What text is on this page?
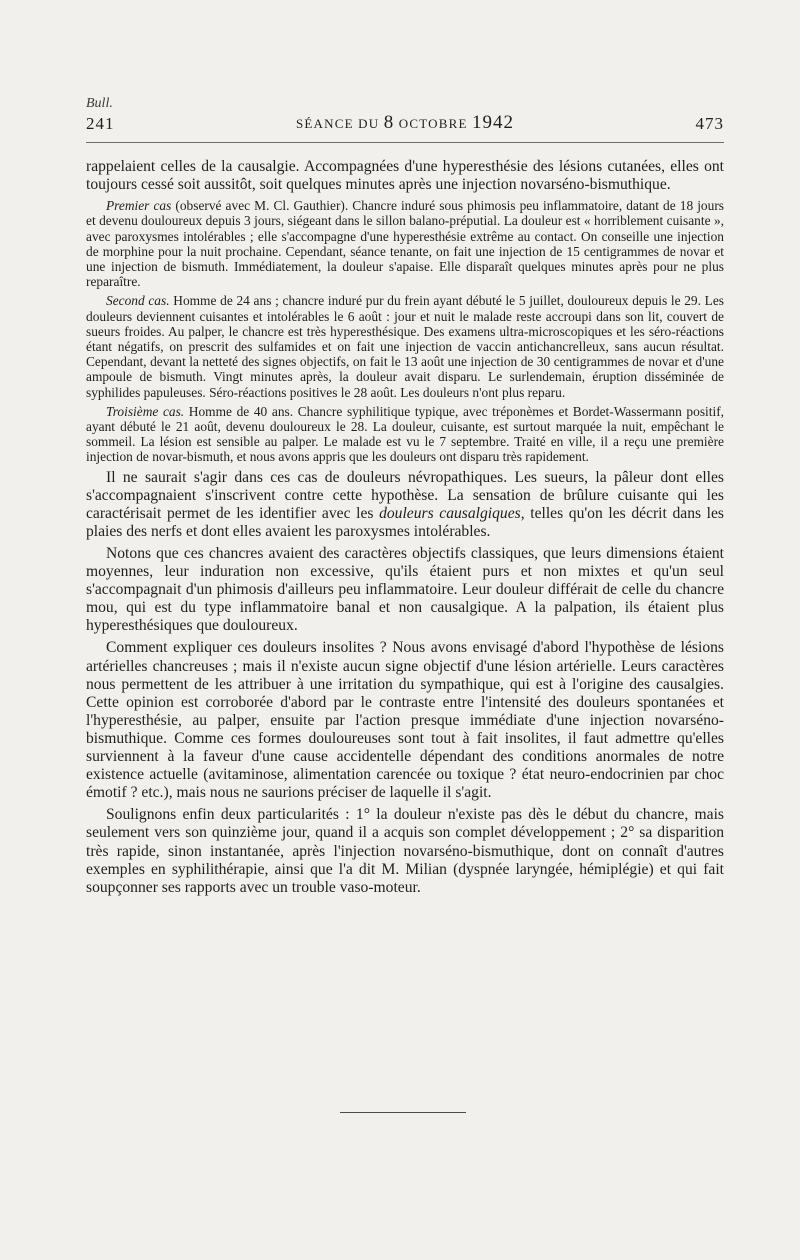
Bull.
241	SÉANCE DU 8 OCTOBRE 1942	473

rappelaient celles de la causalgie. Accompagnées d'une hyperesthésie des lésions cutanées, elles ont toujours cessé soit aussitôt, soit quelques minutes après une injection novarséno-bismuthique.

Premier cas (observé avec M. Cl. Gauthier). Chancre induré sous phimosis peu inflammatoire, datant de 18 jours et devenu douloureux depuis 3 jours, siégeant dans le sillon balano-préputial. La douleur est « horriblement cuisante », avec paroxysmes intolérables ; elle s'accompagne d'une hyperesthésie extrême au contact. On conseille une injection de morphine pour la nuit prochaine. Cependant, séance tenante, on fait une injection de 15 centigrammes de novar et une injection de bismuth. Immédiatement, la douleur s'apaise. Elle disparaît quelques minutes après pour ne plus reparaître.

Second cas. Homme de 24 ans ; chancre induré pur du frein ayant débuté le 5 juillet, douloureux depuis le 29. Les douleurs deviennent cuisantes et intolérables le 6 août : jour et nuit le malade reste accroupi dans son lit, couvert de sueurs froides. Au palper, le chancre est très hyperesthésique. Des examens ultra-microscopiques et les séro-réactions étant négatifs, on prescrit des sulfamides et on fait une injection de vaccin antichancrelleux, sans aucun résultat. Cependant, devant la netteté des signes objectifs, on fait le 13 août une injection de 30 centigrammes de novar et d'une ampoule de bismuth. Vingt minutes après, la douleur avait disparu. Le surlendemain, éruption disséminée de syphilides papuleuses. Séro-réactions positives le 28 août. Les douleurs n'ont plus reparu.

Troisième cas. Homme de 40 ans. Chancre syphilitique typique, avec tréponèmes et Bordet-Wassermann positif, ayant débuté le 21 août, devenu douloureux le 28. La douleur, cuisante, est surtout marquée la nuit, empêchant le sommeil. La lésion est sensible au palper. Le malade est vu le 7 septembre. Traité en ville, il a reçu une première injection de novar-bismuth, et nous avons appris que les douleurs ont disparu très rapidement.

Il ne saurait s'agir dans ces cas de douleurs névropathiques. Les sueurs, la pâleur dont elles s'accompagnaient s'inscrivent contre cette hypothèse. La sensation de brûlure cuisante qui les caractérisait permet de les identifier avec les douleurs causalgiques, telles qu'on les décrit dans les plaies des nerfs et dont elles avaient les paroxysmes intolérables.

Notons que ces chancres avaient des caractères objectifs classiques, que leurs dimensions étaient moyennes, leur induration non excessive, qu'ils étaient purs et non mixtes et qu'un seul s'accompagnait d'un phimosis d'ailleurs peu inflammatoire. Leur douleur différait de celle du chancre mou, qui est du type inflammatoire banal et non causalgique. A la palpation, ils étaient plus hyperesthésiques que douloureux.

Comment expliquer ces douleurs insolites ? Nous avons envisagé d'abord l'hypothèse de lésions artérielles chancreuses ; mais il n'existe aucun signe objectif d'une lésion artérielle. Leurs caractères nous permettent de les attribuer à une irritation du sympathique, qui est à l'origine des causalgies. Cette opinion est corroborée d'abord par le contraste entre l'intensité des douleurs spontanées et l'hyperesthésie, au palper, ensuite par l'action presque immédiate d'une injection novarséno-bismuthique. Comme ces formes douloureuses sont tout à fait insolites, il faut admettre qu'elles surviennent à la faveur d'une cause accidentelle dépendant des conditions anormales de notre existence actuelle (avitaminose, alimentation carencée ou toxique ? état neuro-endocrinien par choc émotif ? etc.), mais nous ne saurions préciser de laquelle il s'agit.

Soulignons enfin deux particularités : 1° la douleur n'existe pas dès le début du chancre, mais seulement vers son quinzième jour, quand il a acquis son complet développement ; 2° sa disparition très rapide, sinon instantanée, après l'injection novarséno-bismuthique, dont on connaît d'autres exemples en syphilithérapie, ainsi que l'a dit M. Milian (dyspnée laryngée, hémiplégie) et qui fait soupçonner ses rapports avec un trouble vaso-moteur.
